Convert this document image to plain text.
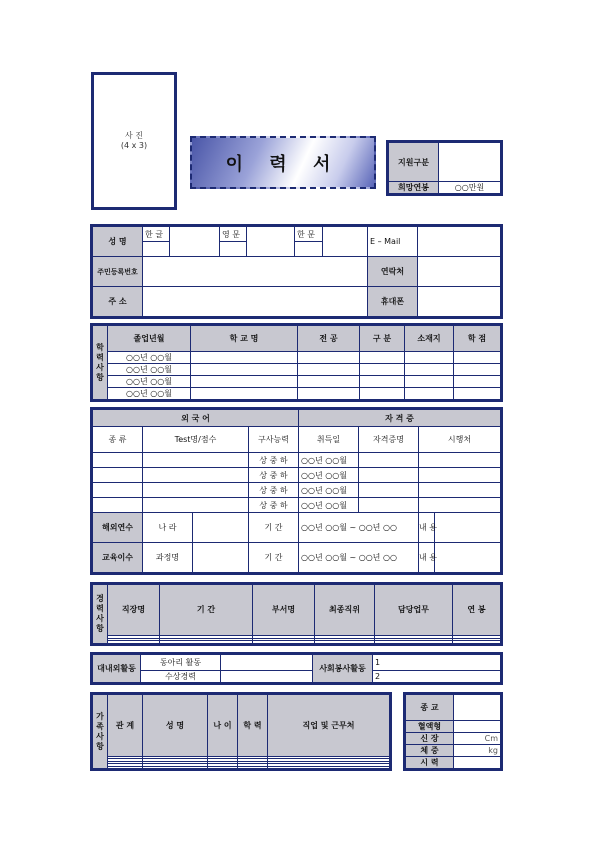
사 진
(4 x 3)
이 력 서	지원구분	
희망연봉	○○만원
성 명	한 글		영 문		한 문		E – Mail	

주민등록번호							연락처	
주 소							휴대폰	
학력사항	졸업년월	학 교 명	전 공	구 분	소재지	학 점
	○○년 ○○월					
	○○년 ○○월					
	○○년 ○○월					
	○○년 ○○월					
외 국 어				자 격 증			
종 류	Test명/점수		구사능력	취득일	자격증명	시행처	
			상 중 하	○○년 ○○월			
			상 중 하	○○년 ○○월			
			상 중 하	○○년 ○○월			
			상 중 하	○○년 ○○월			
해외연수	나 라		기 간	○○년 ○○월 ~ ○○년 ○○		내 용	
교육이수	과정명		기 간	○○년 ○○월 ~ ○○년 ○○		내 용	
경력사항	직장명	기 간	부서명	최종직위	담당업무	연 봉

대내외활동	동아리 활동		사회봉사활동	1
	수상경력			2
가족사항	관 계	성 명	나 이	학 력	직업 및 근무처

종 교	
혈액형	
신 장	Cm
체 중	kg
시 력	
